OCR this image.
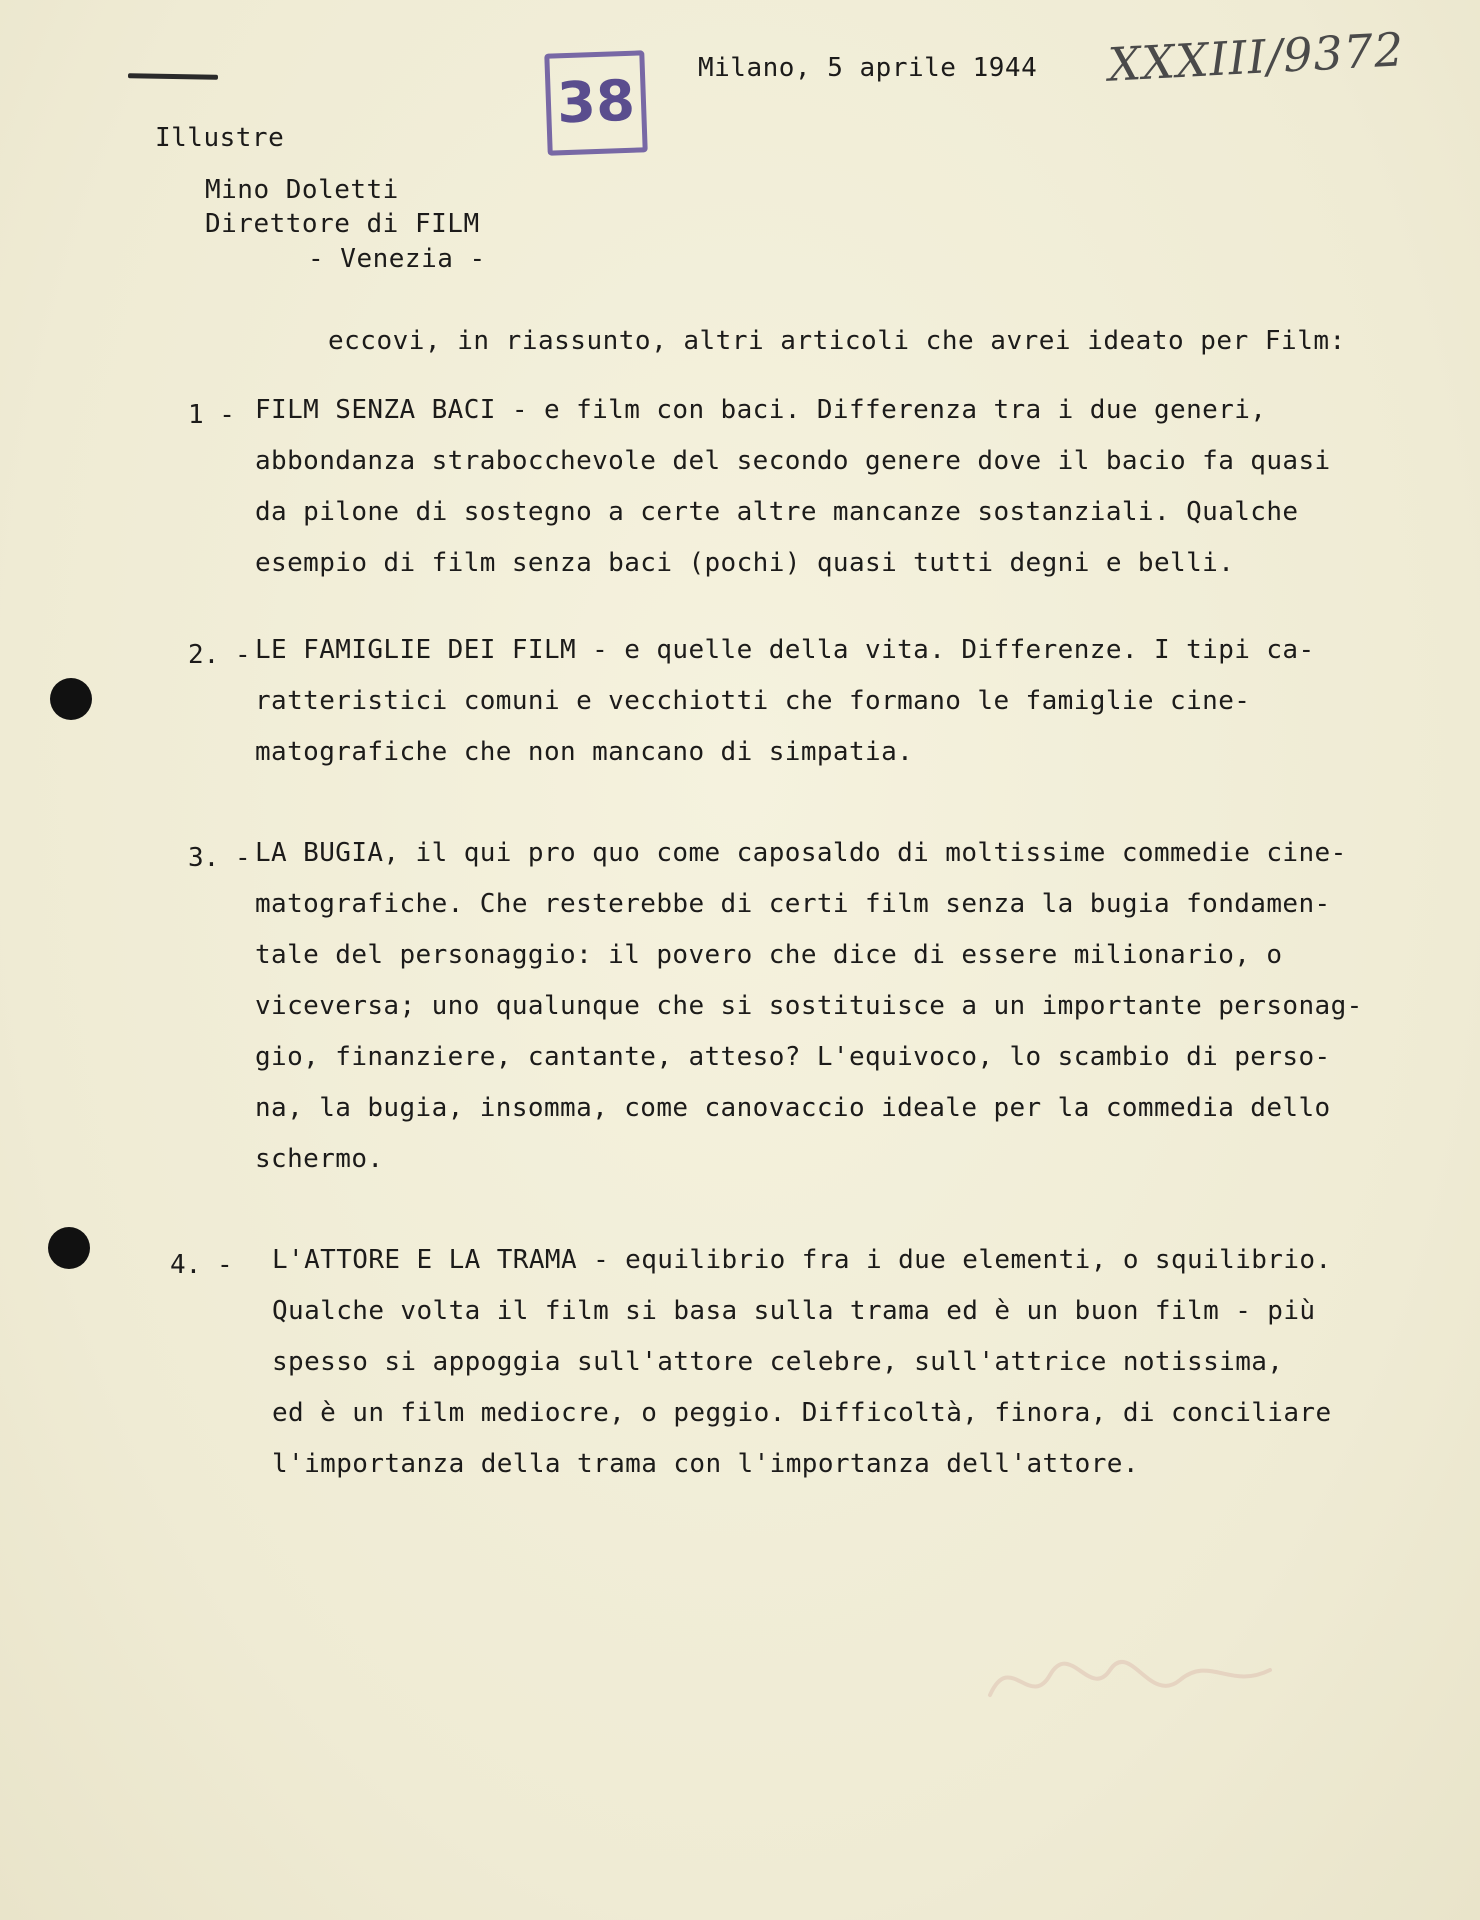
38
Milano, 5 aprile 1944 XXXIII/9372
Illustre
Mino Doletti
Direttore di FILM
- Venezia -
eccovi, in riassunto, altri articoli che avrei ideato per Film:
1 - FILM SENZA BACI - e film con baci. Differenza tra i due generi,
abbondanza strabocchevole del secondo genere dove il bacio fa quasi
da pilone di sostegno a certe altre mancanze sostanziali. Qualche
esempio di film senza baci (pochi) quasi tutti degni e belli.
2. - LE FAMIGLIE DEI FILM - e quelle della vita. Differenze. I tipi ca-
ratteristici comuni e vecchiotti che formano le famiglie cine-
matografiche che non mancano di simpatia.
3. - LA BUGIA, il qui pro quo come caposaldo di moltissime commedie cine-
matografiche. Che resterebbe di certi film senza la bugia fondamen-
tale del personaggio: il povero che dice di essere milionario, o
viceversa; uno qualunque che si sostituisce a un importante personag-
gio, finanziere, cantante, atteso? L'equivoco, lo scambio di perso-
na, la bugia, insomma, come canovaccio ideale per la commedia dello
schermo.
4. - L'ATTORE E LA TRAMA - equilibrio fra i due elementi, o squilibrio.
Qualche volta il film si basa sulla trama ed è un buon film - più
spesso si appoggia sull'attore celebre, sull'attrice notissima,
ed è un film mediocre, o peggio. Difficoltà, finora, di conciliare
l'importanza della trama con l'importanza dell'attore.
